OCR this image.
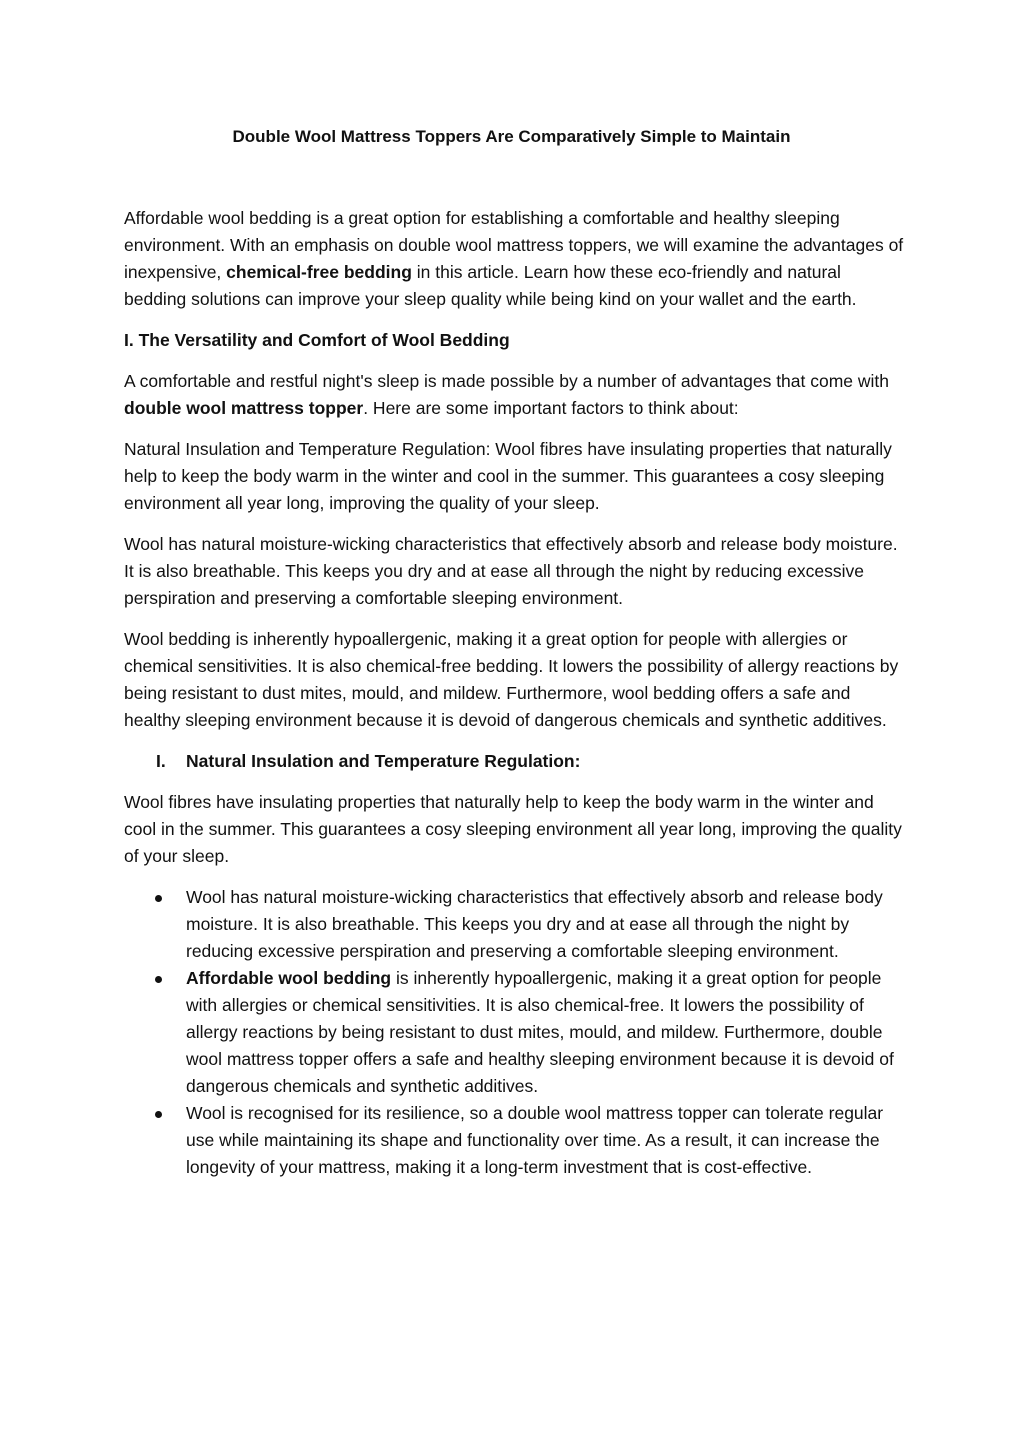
Double Wool Mattress Toppers Are Comparatively Simple to Maintain

Affordable wool bedding is a great option for establishing a comfortable and healthy sleeping environment. With an emphasis on double wool mattress toppers, we will examine the advantages of inexpensive, chemical-free bedding in this article. Learn how these eco-friendly and natural bedding solutions can improve your sleep quality while being kind on your wallet and the earth.

I. The Versatility and Comfort of Wool Bedding

A comfortable and restful night's sleep is made possible by a number of advantages that come with double wool mattress topper. Here are some important factors to think about:

Natural Insulation and Temperature Regulation: Wool fibres have insulating properties that naturally help to keep the body warm in the winter and cool in the summer. This guarantees a cosy sleeping environment all year long, improving the quality of your sleep.

Wool has natural moisture-wicking characteristics that effectively absorb and release body moisture. It is also breathable. This keeps you dry and at ease all through the night by reducing excessive perspiration and preserving a comfortable sleeping environment.

Wool bedding is inherently hypoallergenic, making it a great option for people with allergies or chemical sensitivities. It is also chemical-free bedding. It lowers the possibility of allergy reactions by being resistant to dust mites, mould, and mildew. Furthermore, wool bedding offers a safe and healthy sleeping environment because it is devoid of dangerous chemicals and synthetic additives.

I.	Natural Insulation and Temperature Regulation:

Wool fibres have insulating properties that naturally help to keep the body warm in the winter and cool in the summer. This guarantees a cosy sleeping environment all year long, improving the quality of your sleep.

Wool has natural moisture-wicking characteristics that effectively absorb and release body moisture. It is also breathable. This keeps you dry and at ease all through the night by reducing excessive perspiration and preserving a comfortable sleeping environment.
Affordable wool bedding is inherently hypoallergenic, making it a great option for people with allergies or chemical sensitivities. It is also chemical-free. It lowers the possibility of allergy reactions by being resistant to dust mites, mould, and mildew. Furthermore, double wool mattress topper offers a safe and healthy sleeping environment because it is devoid of dangerous chemicals and synthetic additives.
Wool is recognised for its resilience, so a double wool mattress topper can tolerate regular use while maintaining its shape and functionality over time. As a result, it can increase the longevity of your mattress, making it a long-term investment that is cost-effective.
